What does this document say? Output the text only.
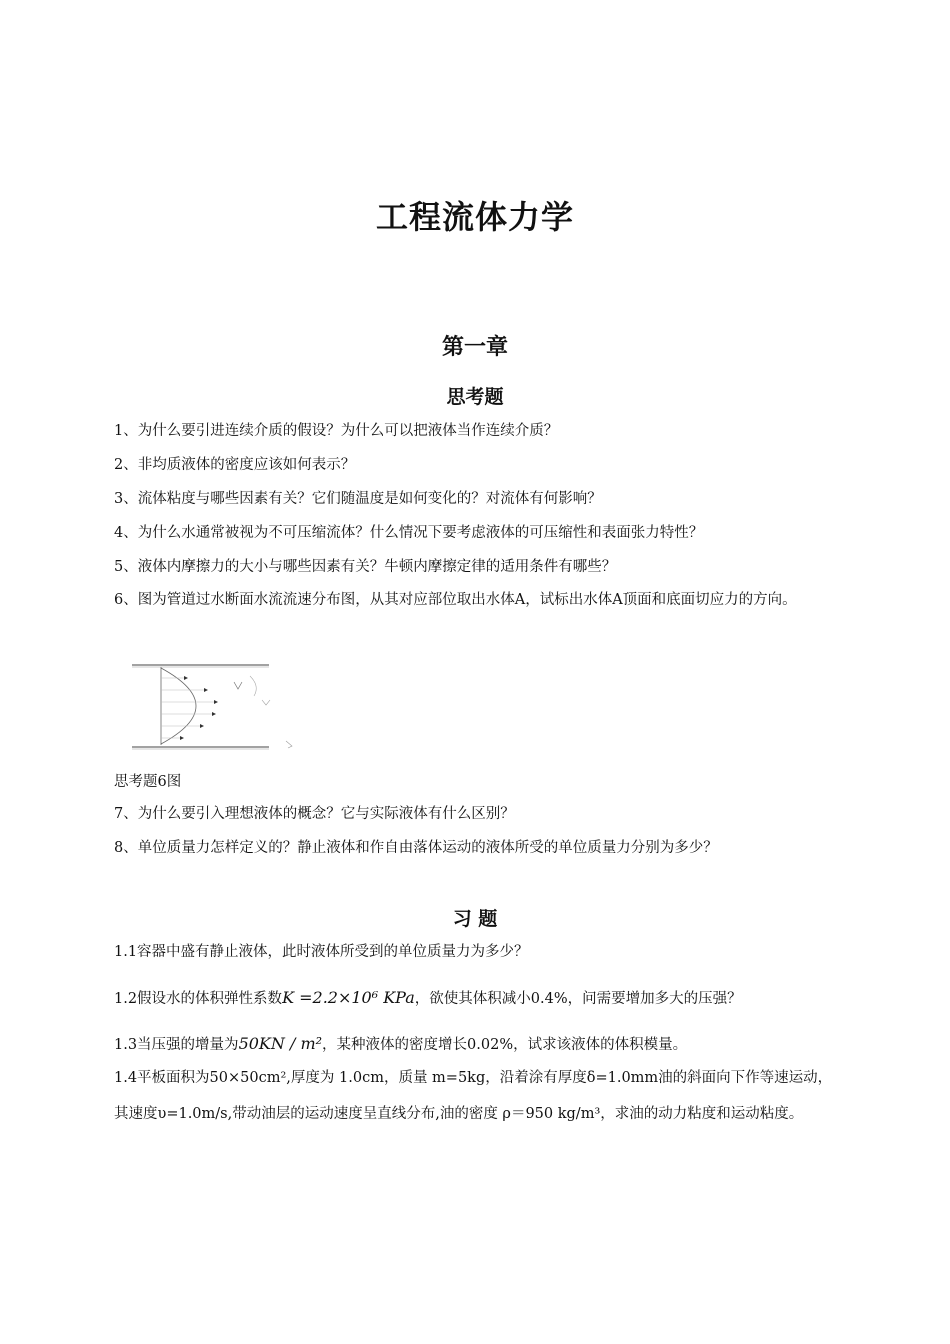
工程流体力学
第一章
思考题
1、为什么要引进连续介质的假设？为什么可以把液体当作连续介质？
2、非均质液体的密度应该如何表示？
3、流体粘度与哪些因素有关？它们随温度是如何变化的？对流体有何影响？
4、为什么水通常被视为不可压缩流体？什么情况下要考虑液体的可压缩性和表面张力特性？
5、液体内摩擦力的大小与哪些因素有关？牛顿内摩擦定律的适用条件有哪些？
6、图为管道过水断面水流流速分布图，从其对应部位取出水体A，试标出水体A顶面和底面切应力的方向。
思考题6图
7、为什么要引入理想液体的概念？它与实际液体有什么区别？
8、单位质量力怎样定义的？静止液体和作自由落体运动的液体所受的单位质量力分别为多少？
习 题
1.1容器中盛有静止液体，此时液体所受到的单位质量力为多少？
1.2假设水的体积弹性系数K =2.2×10⁶ KPa，欲使其体积减小0.4%，问需要增加多大的压强？
1.3当压强的增量为50KN / m²，某种液体的密度增长0.02%，试求该液体的体积模量。
1.4平板面积为50×50cm²,厚度为 1.0cm，质量 m=5kg，沿着涂有厚度δ=1.0mm油的斜面向下作等速运动， 其速度υ=1.0m/s,带动油层的运动速度呈直线分布,油的密度 ρ＝950 kg/m³，求油的动力粘度和运动粘度。
